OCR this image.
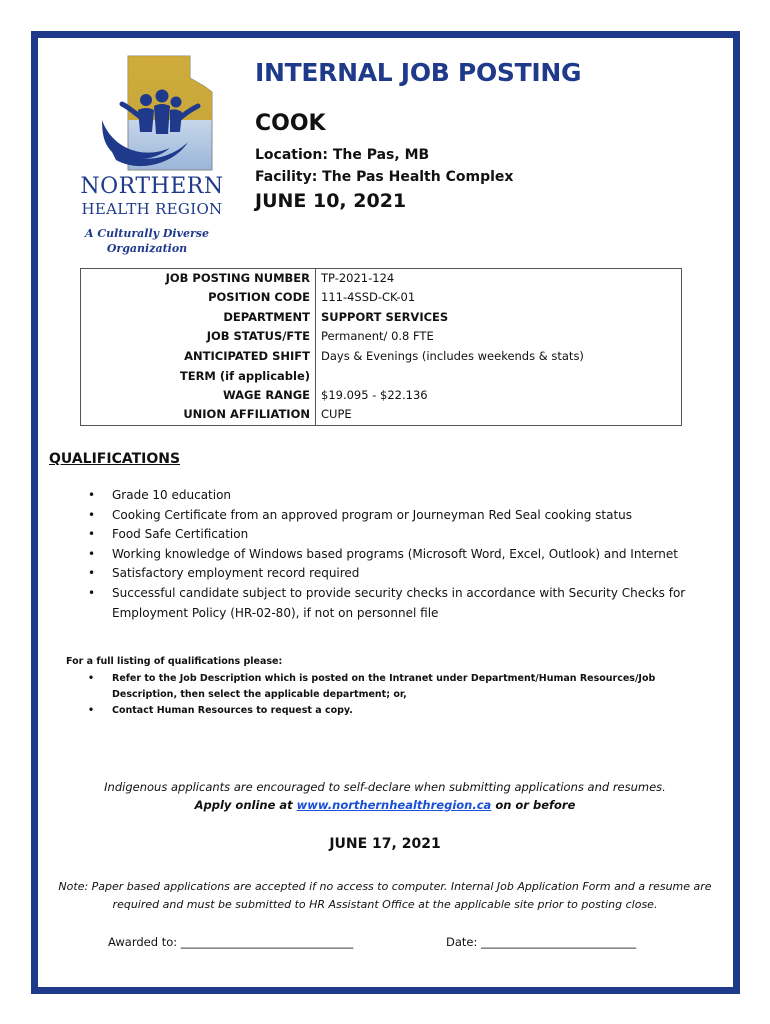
NORTHERN
HEALTH REGION
A Culturally Diverse Organization
INTERNAL JOB POSTING
COOK
Location: The Pas, MB
Facility: The Pas Health Complex
JUNE 10, 2021
JOB POSTING NUMBER	TP-2021-124
POSITION CODE	111-4SSD-CK-01
DEPARTMENT	SUPPORT SERVICES
JOB STATUS/FTE	Permanent/ 0.8 FTE
ANTICIPATED SHIFT	Days & Evenings (includes weekends & stats)
TERM (if applicable)	
WAGE RANGE	$19.095 - $22.136
UNION AFFILIATION	CUPE
QUALIFICATIONS
• Grade 10 education
• Cooking Certificate from an approved program or Journeyman Red Seal cooking status
• Food Safe Certification
• Working knowledge of Windows based programs (Microsoft Word, Excel, Outlook) and Internet
• Satisfactory employment record required
• Successful candidate subject to provide security checks in accordance with Security Checks for Employment Policy (HR-02-80), if not on personnel file
For a full listing of qualifications please:
• Refer to the Job Description which is posted on the Intranet under Department/Human Resources/Job Description, then select the applicable department; or,
• Contact Human Resources to request a copy.
Indigenous applicants are encouraged to self-declare when submitting applications and resumes.
Apply online at www.northernhealthregion.ca on or before
JUNE 17, 2021
Note: Paper based applications are accepted if no access to computer. Internal Job Application Form and a resume are required and must be submitted to HR Assistant Office at the applicable site prior to posting close.
Awarded to: ______________________________	Date: ___________________________
